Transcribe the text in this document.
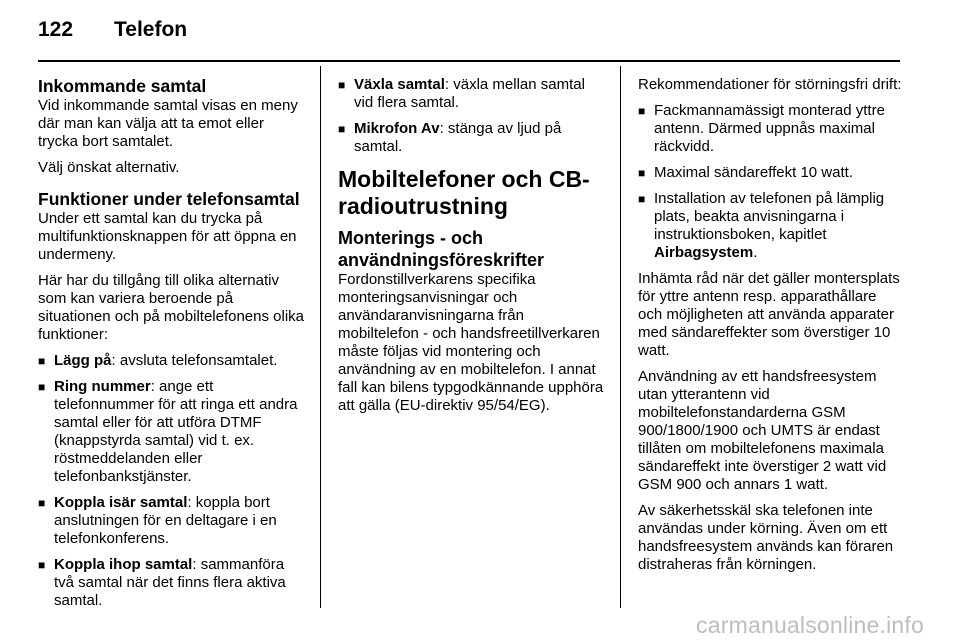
122	Telefon
Inkommande samtal

Vid inkommande samtal visas en meny där man kan välja att ta emot eller trycka bort samtalet.

Välj önskat alternativ.

Funktioner under telefonsamtal

Under ett samtal kan du trycka på multifunktionsknappen för att öppna en undermeny.

Här har du tillgång till olika alternativ som kan variera beroende på situationen och på mobiltelefonens olika funktioner:

■ Lägg på: avsluta telefonsamtalet.
■ Ring nummer: ange ett telefonnummer för att ringa ett andra samtal eller för att utföra DTMF (knappstyrda samtal) vid t. ex. röstmeddelanden eller telefonbankstjänster.
■ Koppla isär samtal: koppla bort anslutningen för en deltagare i en telefonkonferens.
■ Koppla ihop samtal: sammanföra två samtal när det finns flera aktiva samtal.
■ Växla samtal: växla mellan samtal vid flera samtal.
■ Mikrofon Av: stänga av ljud på samtal.
Mobiltelefoner och CB-radioutrustning
Monterings - och användningsföreskrifter

Fordonstillverkarens specifika monteringsanvisningar och användaranvisningarna från mobiltelefon - och handsfreetillverkaren måste följas vid montering och användning av en mobiltelefon. I annat fall kan bilens typgodkännande upphöra att gälla (EU-direktiv 95/54/EG).

Rekommendationer för störningsfri drift:

■ Fackmannamässigt monterad yttre antenn. Därmed uppnås maximal räckvidd.
■ Maximal sändareffekt 10 watt.
■ Installation av telefonen på lämplig plats, beakta anvisningarna i instruktionsboken, kapitlet Airbagsystem.

Inhämta råd när det gäller montersplats för yttre antenn resp. apparathållare och möjligheten att använda apparater med sändareffekter som överstiger 10 watt.

Användning av ett handsfreesystem utan ytterantenn vid mobiltelefonstandarderna GSM 900/1800/1900 och UMTS är endast tillåten om mobiltelefonens maximala sändareffekt inte överstiger 2 watt vid GSM 900 och annars 1 watt.

Av säkerhetsskäl ska telefonen inte användas under körning. Även om ett handsfreesystem används kan föraren distraheras från körningen.

carmanualsonline.info
